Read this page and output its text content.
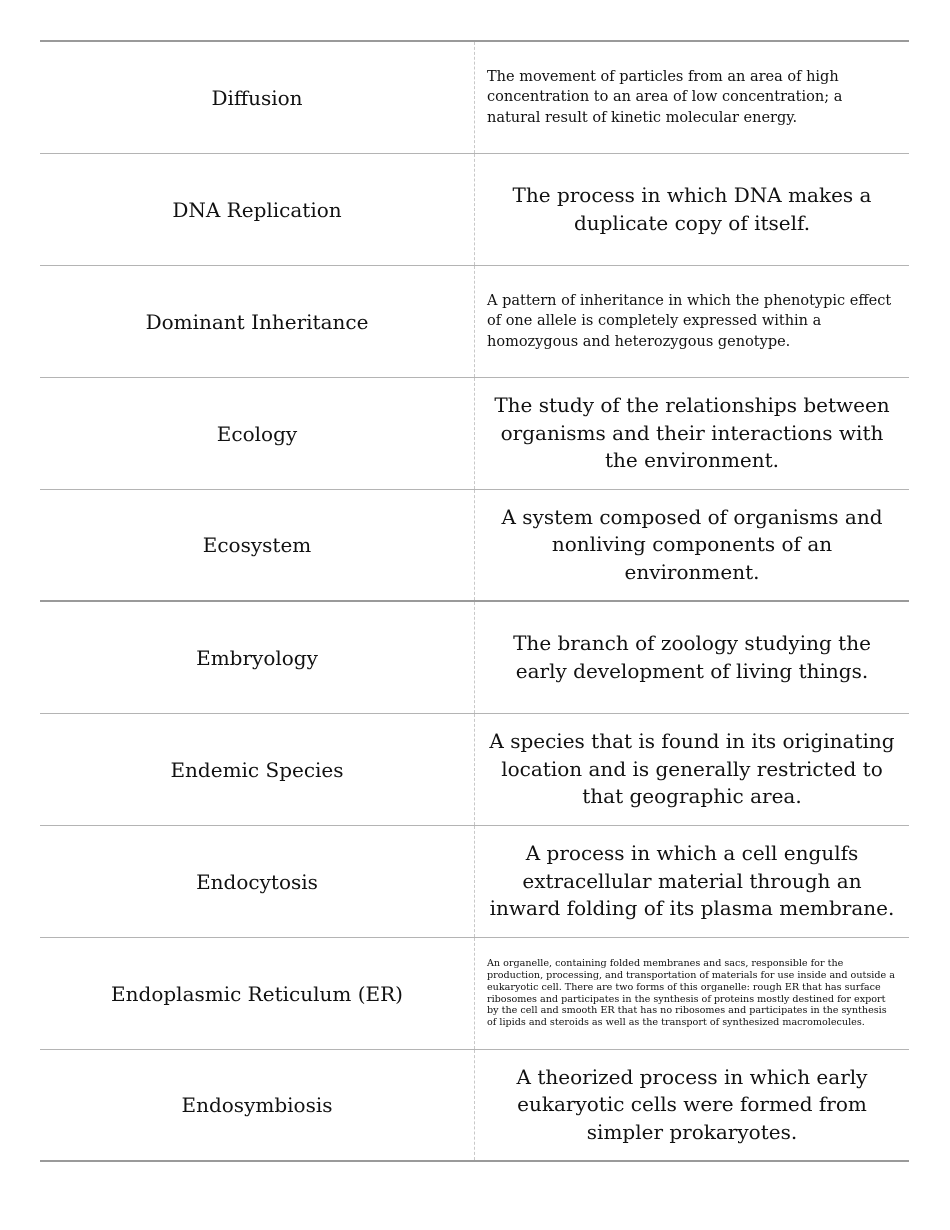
Diffusion
The movement of particles from an area of high concentration to an area of low concentration; a natural result of kinetic molecular energy.
DNA Replication
The process in which DNA makes a duplicate copy of itself.
Dominant Inheritance
A pattern of inheritance in which the phenotypic effect of one allele is completely expressed within a homozygous and heterozygous genotype.
Ecology
The study of the relationships between organisms and their interactions with the environment.
Ecosystem
A system composed of organisms and nonliving components of an environment.
Embryology
The branch of zoology studying the early development of living things.
Endemic Species
A species that is found in its originating location and is generally restricted to that geographic area.
Endocytosis
A process in which a cell engulfs extracellular material through an inward folding of its plasma membrane.
Endoplasmic Reticulum (ER)
An organelle, containing folded membranes and sacs, responsible for the production, processing, and transportation of materials for use inside and outside a eukaryotic cell. There are two forms of this organelle: rough ER that has surface ribosomes and participates in the synthesis of proteins mostly destined for export by the cell and smooth ER that has no ribosomes and participates in the synthesis of lipids and steroids as well as the transport of synthesized macromolecules.
Endosymbiosis
A theorized process in which early eukaryotic cells were formed from simpler prokaryotes.
